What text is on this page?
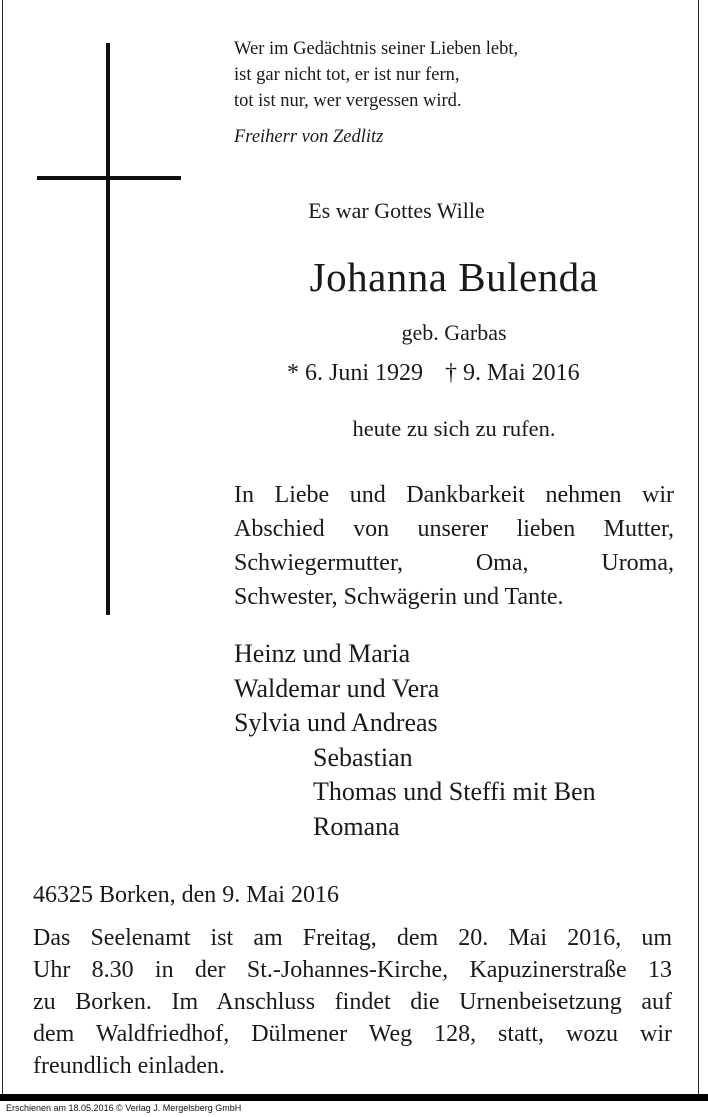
Wer im Gedächtnis seiner Lieben lebt,
ist gar nicht tot, er ist nur fern,
tot ist nur, wer vergessen wird.
Freiherr von Zedlitz
Es war Gottes Wille
Johanna Bulenda
geb. Garbas
* 6. Juni 1929 † 9. Mai 2016
heute zu sich zu rufen.
In Liebe und Dankbarkeit nehmen wir
Abschied von unserer lieben Mutter,
Schwiegermutter, Oma, Uroma,
Schwester, Schwägerin und Tante.
Heinz und Maria
Waldemar und Vera
Sylvia und Andreas
Sebastian
Thomas und Steffi mit Ben
Romana
46325 Borken, den 9. Mai 2016
Das Seelenamt ist am Freitag, dem 20. Mai 2016, um
Uhr 8.30 in der St.-Johannes-Kirche, Kapuzinerstraße 13
zu Borken. Im Anschluss findet die Urnenbeisetzung auf
dem Waldfriedhof, Dülmener Weg 128, statt, wozu wir
freundlich einladen.
Erschienen am 18.05.2016 © Verlag J. Mergelsberg GmbH
